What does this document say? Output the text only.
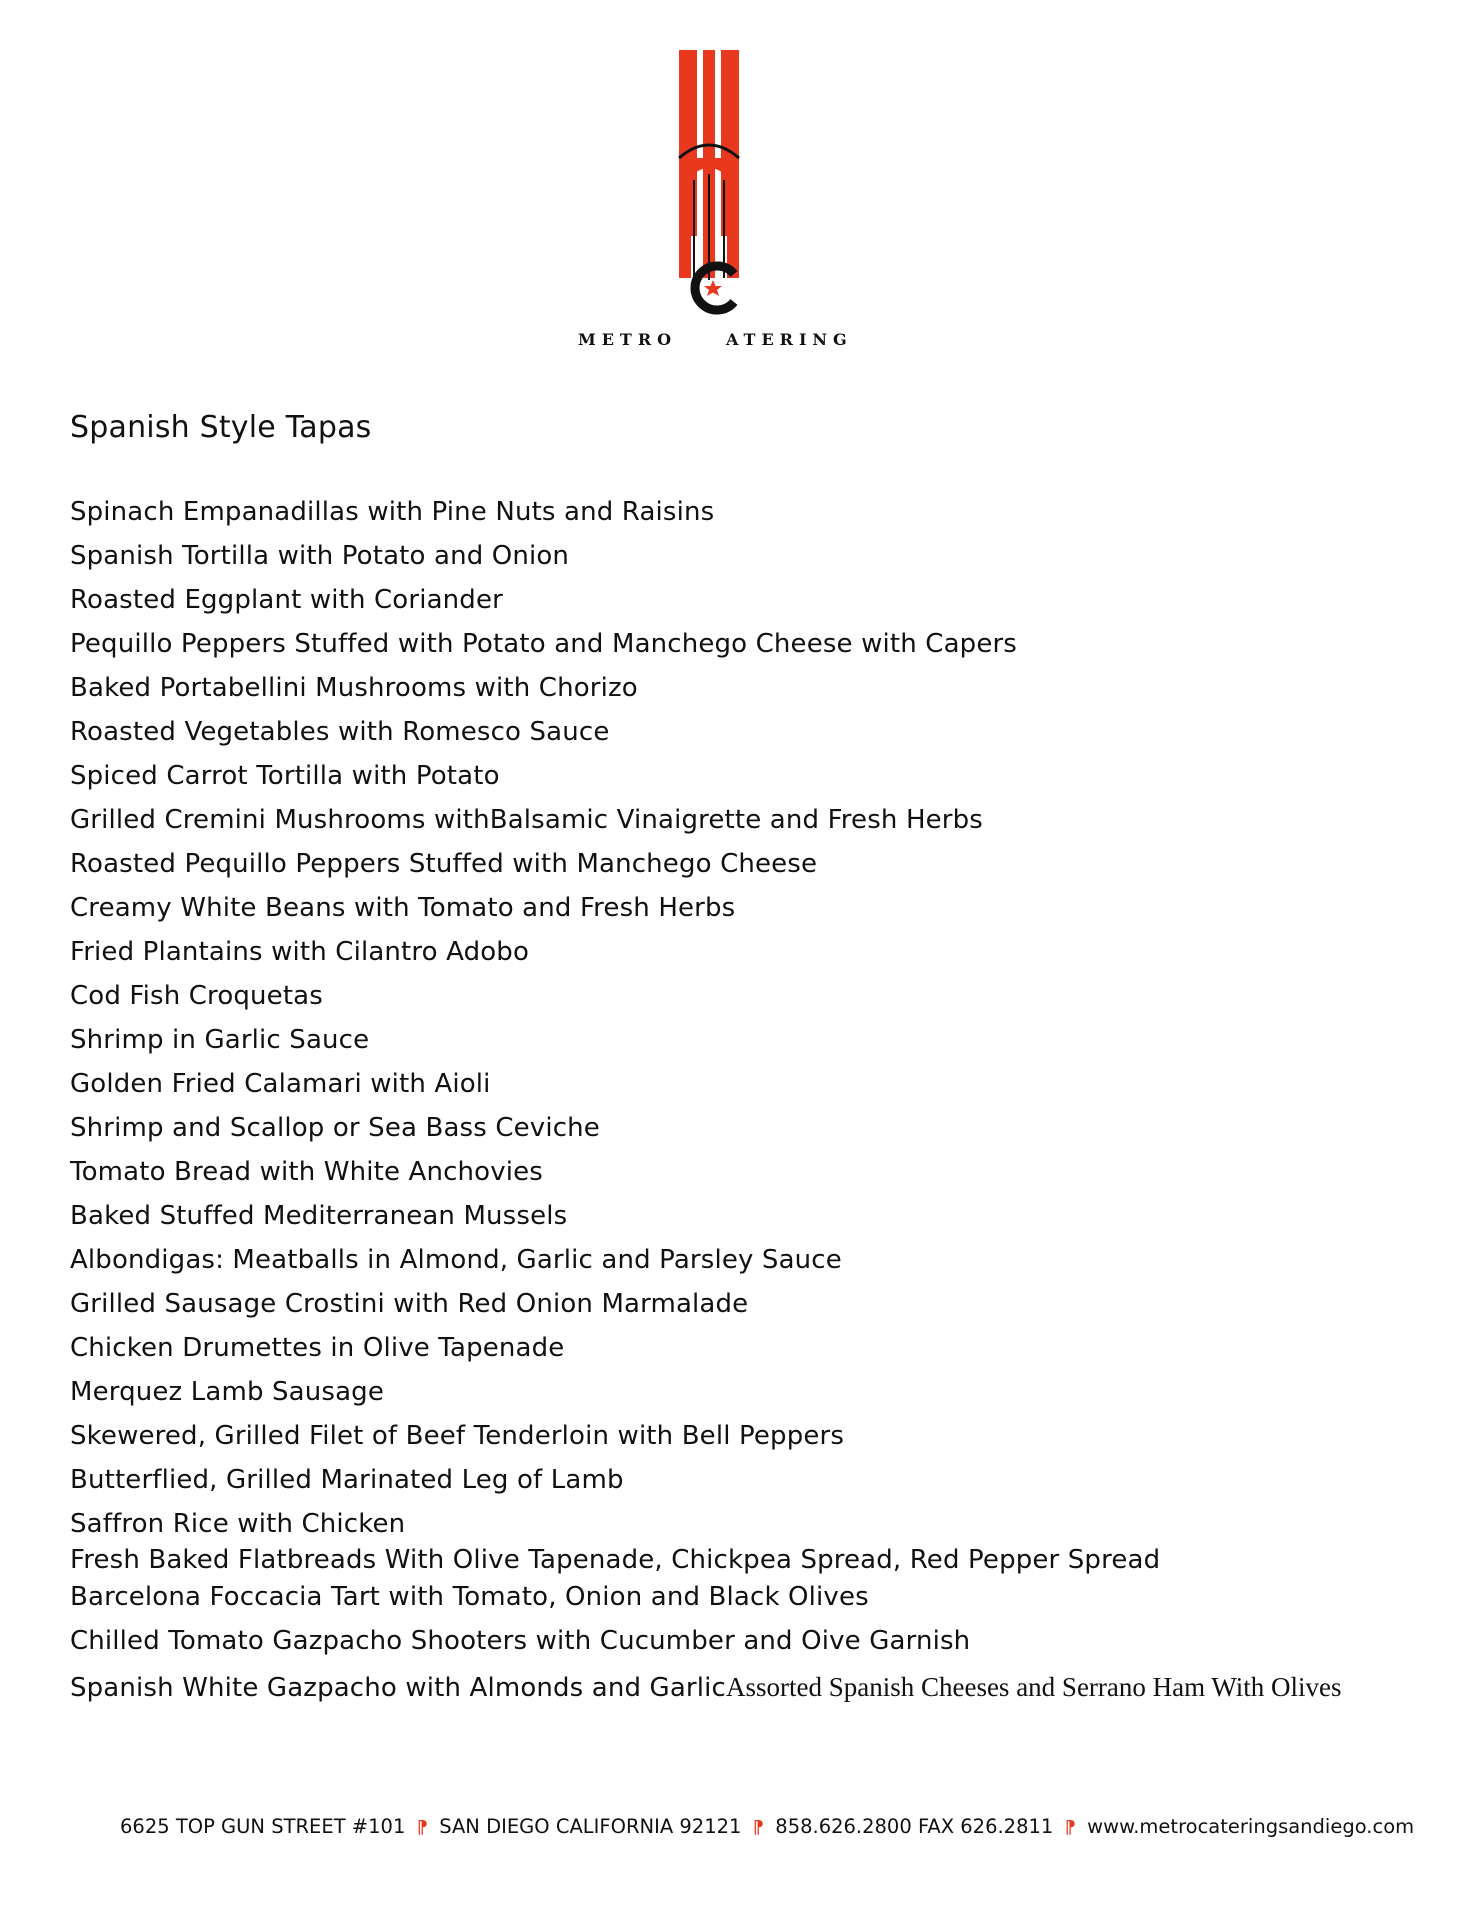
METRO	ATERING
Spanish Style Tapas
Spinach Empanadillas with Pine Nuts and Raisins
Spanish Tortilla with Potato and Onion
Roasted Eggplant with Coriander
Pequillo Peppers Stuffed with Potato and Manchego Cheese with Capers
Baked Portabellini Mushrooms with Chorizo
Roasted Vegetables with Romesco Sauce
Spiced Carrot Tortilla with Potato
Grilled Cremini Mushrooms withBalsamic Vinaigrette and Fresh Herbs
Roasted Pequillo Peppers Stuffed with Manchego Cheese
Creamy White Beans with Tomato and Fresh Herbs
Fried Plantains with Cilantro Adobo
Cod Fish Croquetas
Shrimp in Garlic Sauce
Golden Fried Calamari with Aioli
Shrimp and Scallop or Sea Bass Ceviche
Tomato Bread with White Anchovies
Baked Stuffed Mediterranean Mussels
Albondigas: Meatballs in Almond, Garlic and Parsley Sauce
Grilled Sausage Crostini with Red Onion Marmalade
Chicken Drumettes in Olive Tapenade
Merquez Lamb Sausage
Skewered, Grilled Filet of Beef Tenderloin with Bell Peppers
Butterflied, Grilled Marinated Leg of Lamb
Saffron Rice with Chicken
Fresh Baked Flatbreads With Olive Tapenade, Chickpea Spread, Red Pepper Spread
Barcelona Foccacia Tart with Tomato, Onion and Black Olives
Chilled Tomato Gazpacho Shooters with Cucumber and Oive Garnish
Spanish White Gazpacho with Almonds and GarlicAssorted Spanish Cheeses and Serrano Ham With Olives
6625 TOP GUN STREET #101 ⁋ SAN DIEGO CALIFORNIA 92121 ⁋ 858.626.2800 FAX 626.2811 ⁋ www.metrocateringsandiego.com
